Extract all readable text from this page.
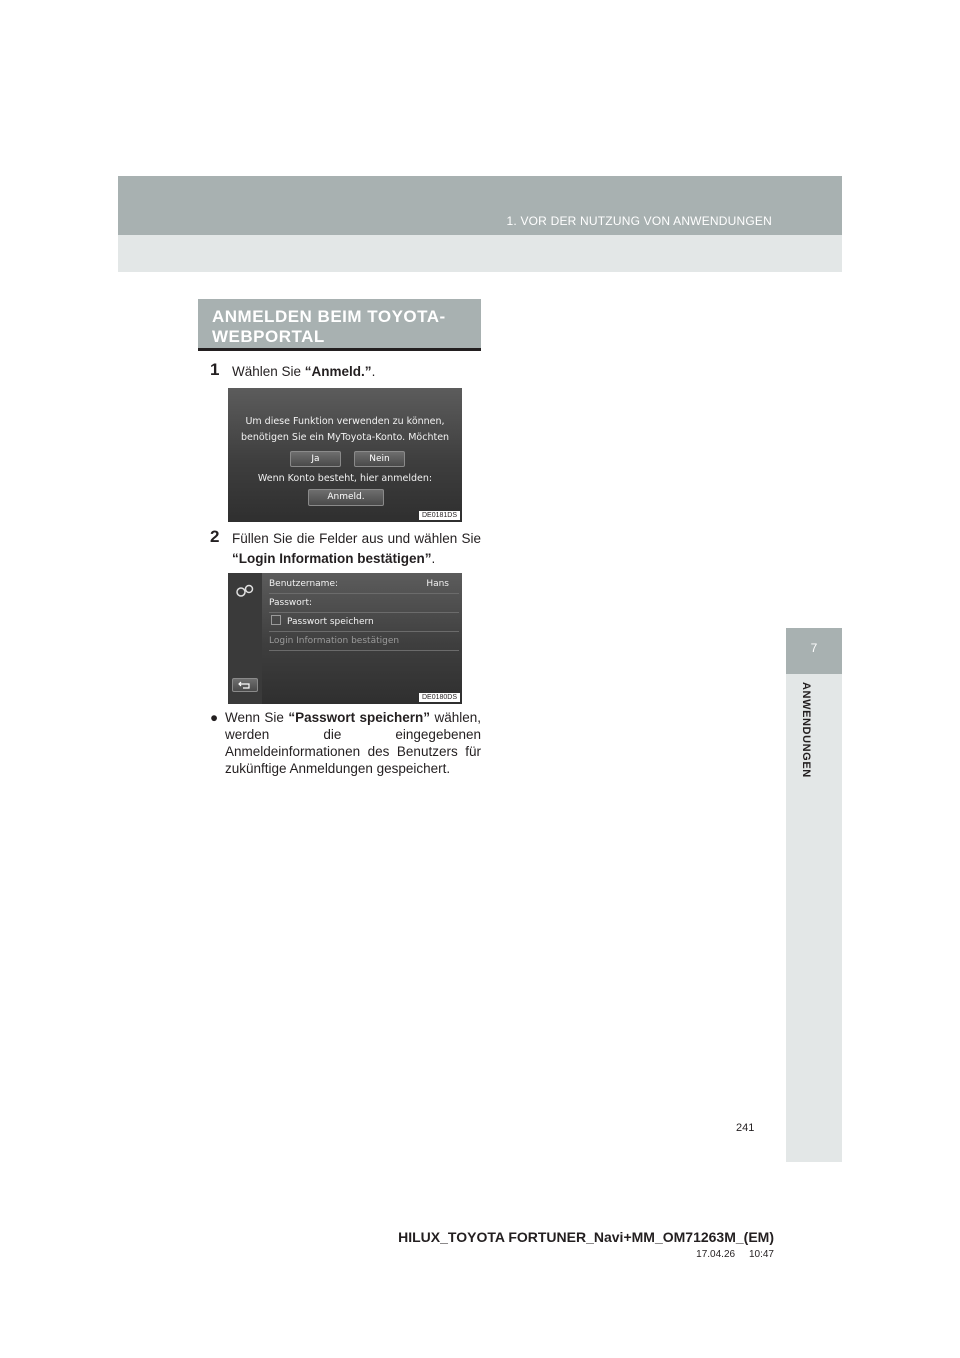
1. VOR DER NUTZUNG VON ANWENDUNGEN
7
ANWENDUNGEN
ANMELDEN BEIM TOYOTA-
WEBPORTAL
1 Wählen Sie “Anmeld.”.
Um diese Funktion verwenden zu können,
benötigen Sie ein MyToyota-Konto. Möchten
Ja	Nein
Wenn Konto besteht, hier anmelden:
Anmeld.
DE0181DS
2 Füllen Sie die Felder aus und wählen Sie “Login Information bestätigen”.
Benutzername:	Hans
Passwort:
Passwort speichern
Login Information bestätigen
DE0180DS
● Wenn Sie “Passwort speichern” wählen, werden die eingegebenen Anmeldeinformationen des Benutzers für zukünftige Anmeldungen gespeichert.
241
HILUX_TOYOTA FORTUNER_Navi+MM_OM71263M_(EM)
17.04.26     10:47
